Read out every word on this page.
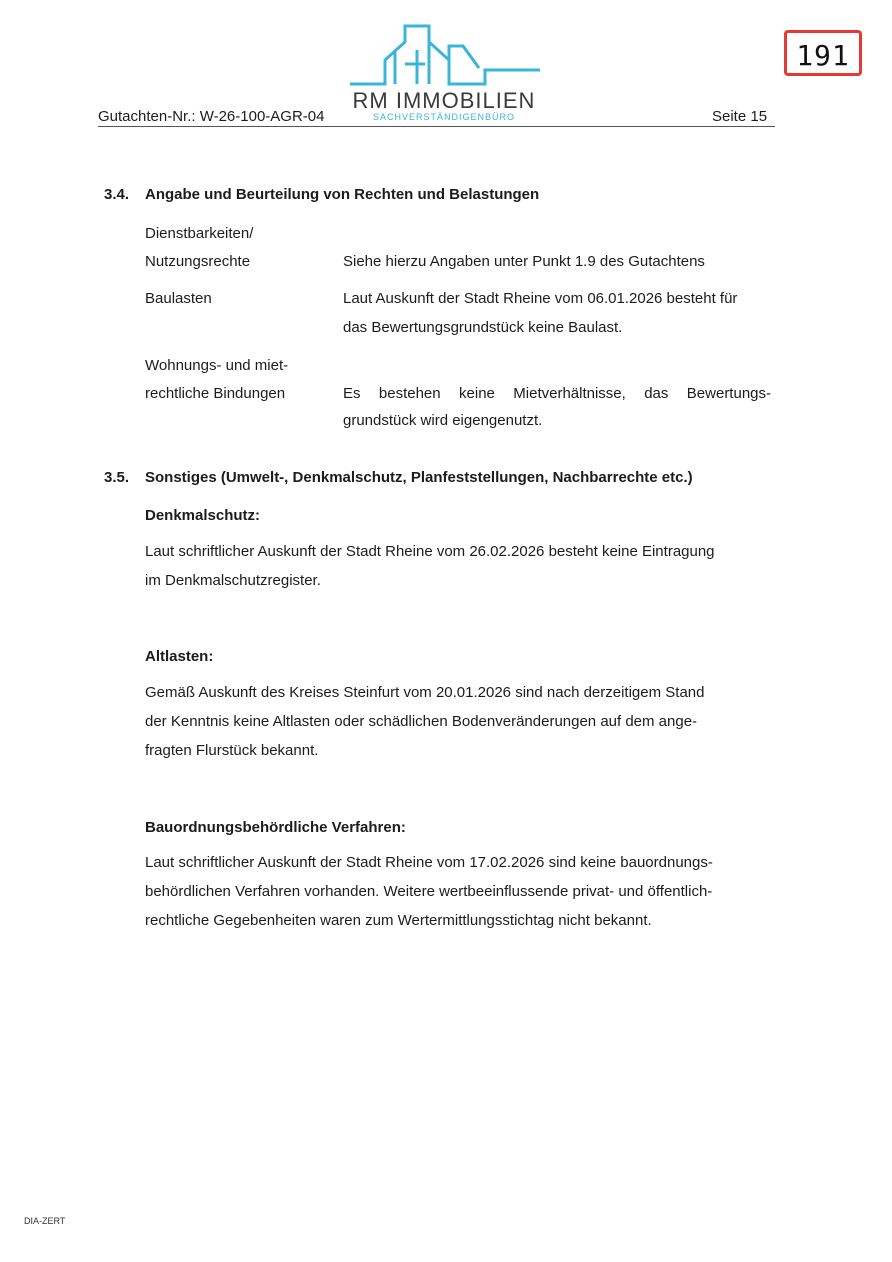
191
RM IMMOBILIEN
SACHVERSTÄNDIGENBÜRO
Gutachten-Nr.: W-26-100-AGR-04	Seite 15
3.4. Angabe und Beurteilung von Rechten und Belastungen
Dienstbarkeiten/
Nutzungsrechte	Siehe hierzu Angaben unter Punkt 1.9 des Gutachtens
Baulasten	Laut Auskunft der Stadt Rheine vom 06.01.2026 besteht für
das Bewertungsgrundstück keine Baulast.
Wohnungs- und miet-
rechtliche Bindungen	Es bestehen keine Mietverhältnisse, das Bewertungs-
grundstück wird eigengenutzt.
3.5. Sonstiges (Umwelt-, Denkmalschutz, Planfeststellungen, Nachbarrechte etc.)
Denkmalschutz:
Laut schriftlicher Auskunft der Stadt Rheine vom 26.02.2026 besteht keine Eintragung
im Denkmalschutzregister.
Altlasten:
Gemäß Auskunft des Kreises Steinfurt vom 20.01.2026 sind nach derzeitigem Stand
der Kenntnis keine Altlasten oder schädlichen Bodenveränderungen auf dem ange-
fragten Flurstück bekannt.
Bauordnungsbehördliche Verfahren:
Laut schriftlicher Auskunft der Stadt Rheine vom 17.02.2026 sind keine bauordnungs-
behördlichen Verfahren vorhanden. Weitere wertbeeinflussende privat- und öffentlich-
rechtliche Gegebenheiten waren zum Wertermittlungsstichtag nicht bekannt.
DIA-ZERT
